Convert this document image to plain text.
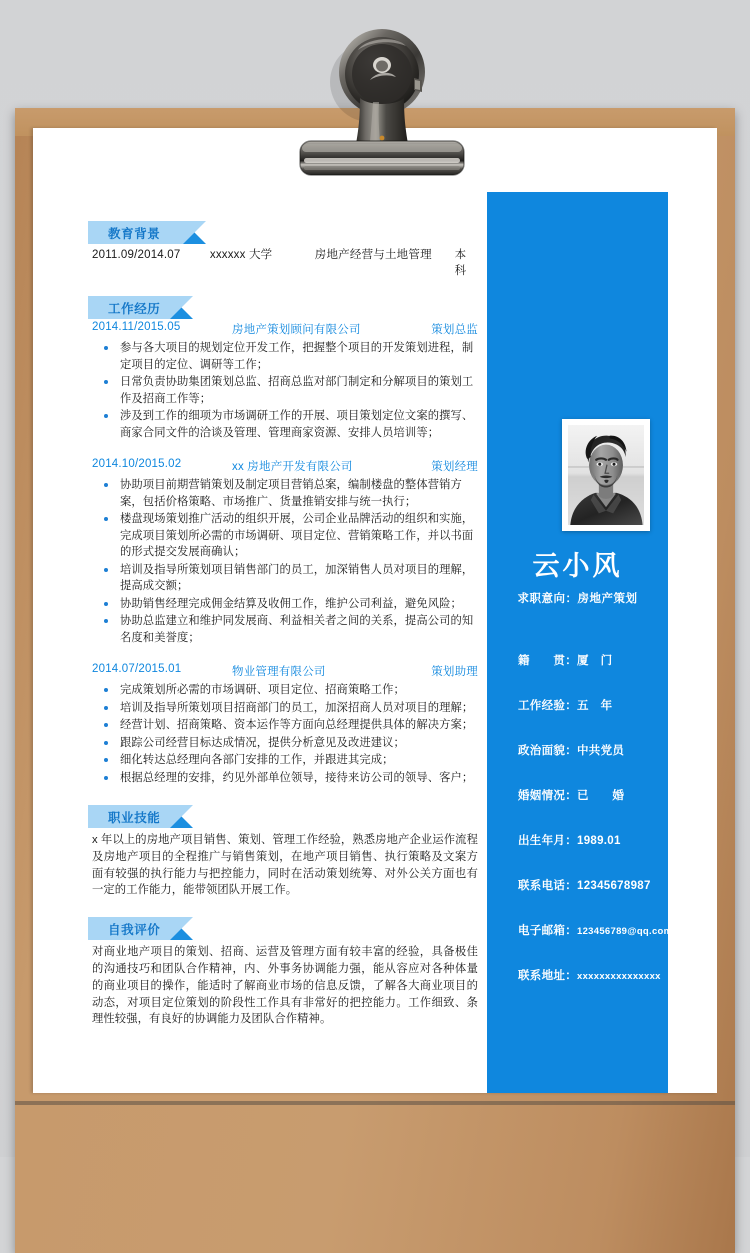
云小风
求职意向：房地产策划
籍　　贯：厦　门
工作经验：五　年
政治面貌：中共党员
婚姻情况：已　　婚
出生年月：1989.01
联系电话：12345678987
电子邮箱：123456789@qq.com
联系地址：xxxxxxxxxxxxxxx
教育背景
2011.09/2014.07	xxxxxx 大学	房地产经营与土地管理	本科
工作经历
2014.11/2015.05	房地产策划顾问有限公司	策划总监
参与各大项目的规划定位开发工作，把握整个项目的开发策划进程，制定项目的定位、调研等工作；
日常负责协助集团策划总监、招商总监对部门制定和分解项目的策划工作及招商工作等；
涉及到工作的细项为市场调研工作的开展、项目策划定位文案的撰写、商家合同文件的洽谈及管理、管理商家资源、安排人员培训等；
2014.10/2015.02	xx 房地产开发有限公司	策划经理
协助项目前期营销策划及制定项目营销总案，编制楼盘的整体营销方案，包括价格策略、市场推广、货量推销安排与统一执行；
楼盘现场策划推广活动的组织开展，公司企业品牌活动的组织和实施，完成项目策划所必需的市场调研、项目定位、营销策略工作，并以书面的形式提交发展商确认；
培训及指导所策划项目销售部门的员工，加深销售人员对项目的理解，提高成交额；
协助销售经理完成佣金结算及收佣工作，维护公司利益，避免风险；
协助总监建立和维护同发展商、利益相关者之间的关系，提高公司的知名度和美誉度；
2014.07/2015.01	物业管理有限公司	策划助理
完成策划所必需的市场调研、项目定位、招商策略工作；
培训及指导所策划项目招商部门的员工，加深招商人员对项目的理解；
经营计划、招商策略、资本运作等方面向总经理提供具体的解决方案；
跟踪公司经营目标达成情况，提供分析意见及改进建议；
细化转达总经理向各部门安排的工作，并跟进其完成；
根据总经理的安排，约见外部单位领导，接待来访公司的领导、客户；
职业技能
x 年以上的房地产项目销售、策划、管理工作经验，熟悉房地产企业运作流程及房地产项目的全程推广与销售策划，在地产项目销售、执行策略及文案方面有较强的执行能力与把控能力，同时在活动策划统筹、对外公关方面也有一定的工作能力，能带领团队开展工作。
自我评价
对商业地产项目的策划、招商、运营及管理方面有较丰富的经验，具备极佳的沟通技巧和团队合作精神，内、外事务协调能力强，能从容应对各种体量的商业项目的操作，能适时了解商业市场的信息反馈，了解各大商业项目的动态，对项目定位策划的阶段性工作具有非常好的把控能力。工作细致、条理性较强，有良好的协调能力及团队合作精神。
